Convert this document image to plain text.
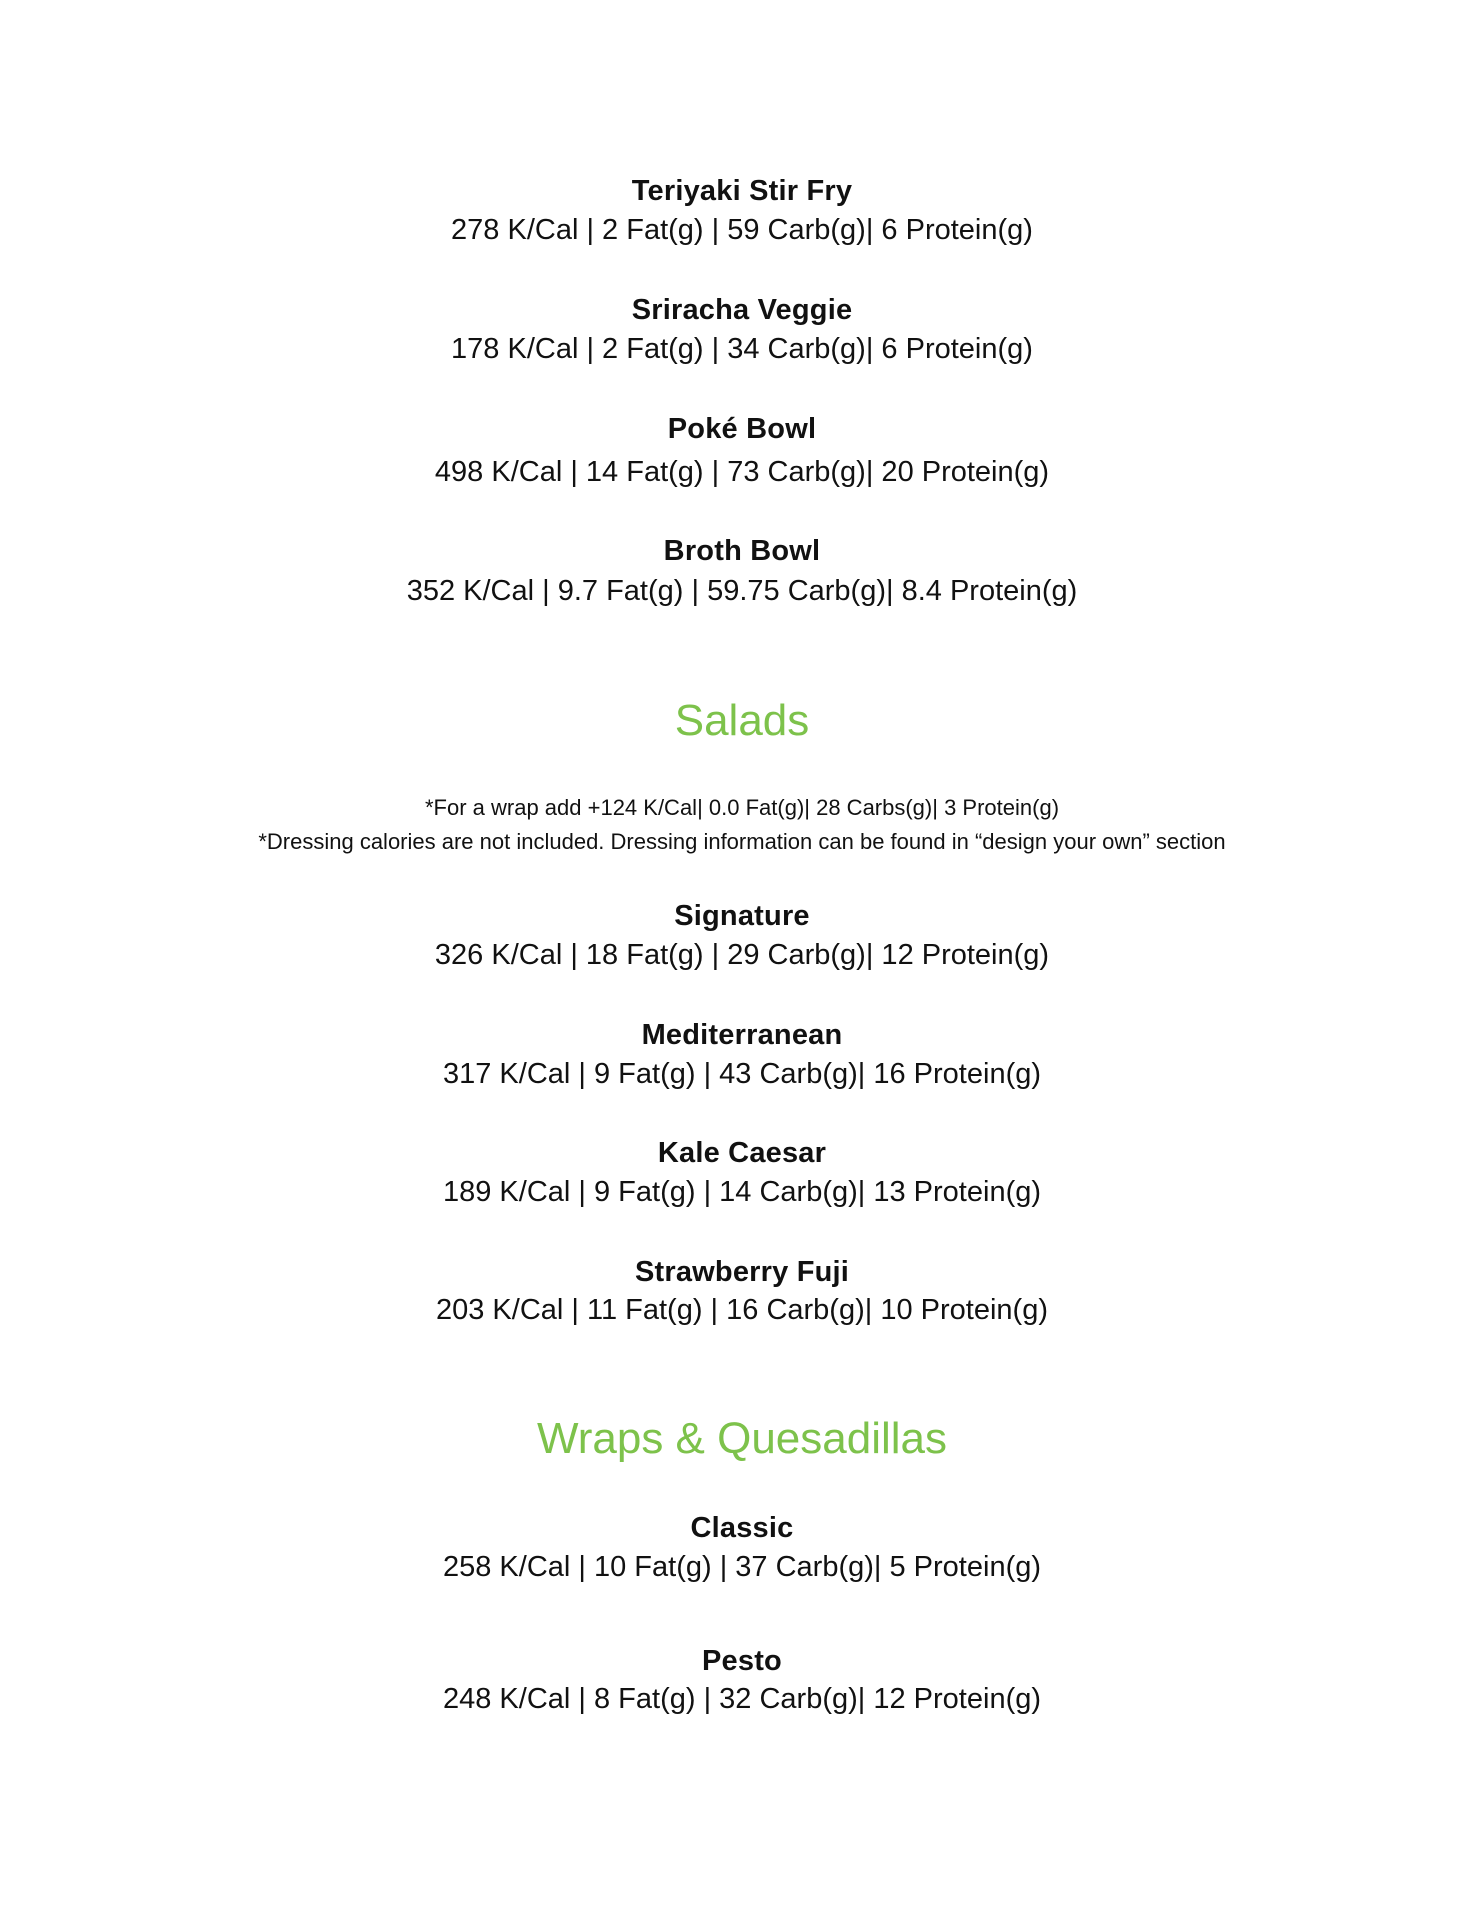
Teriyaki Stir Fry
278 K/Cal | 2 Fat(g) | 59 Carb(g)| 6 Protein(g)
Sriracha Veggie
178 K/Cal | 2 Fat(g) | 34 Carb(g)| 6 Protein(g)
Poké Bowl
498 K/Cal | 14 Fat(g) | 73 Carb(g)| 20 Protein(g)
Broth Bowl
352 K/Cal | 9.7 Fat(g) | 59.75 Carb(g)| 8.4 Protein(g)
Salads
*For a wrap add +124 K/Cal| 0.0 Fat(g)| 28 Carbs(g)| 3 Protein(g)
*Dressing calories are not included. Dressing information can be found in “design your own” section
Signature
326 K/Cal | 18 Fat(g) | 29 Carb(g)| 12 Protein(g)
Mediterranean
317 K/Cal | 9 Fat(g) | 43 Carb(g)| 16 Protein(g)
Kale Caesar
189 K/Cal | 9 Fat(g) | 14 Carb(g)| 13 Protein(g)
Strawberry Fuji
203 K/Cal | 11 Fat(g) | 16 Carb(g)| 10 Protein(g)
Wraps & Quesadillas
Classic
258 K/Cal | 10 Fat(g) | 37 Carb(g)| 5 Protein(g)
Pesto
248 K/Cal | 8 Fat(g) | 32 Carb(g)| 12 Protein(g)
